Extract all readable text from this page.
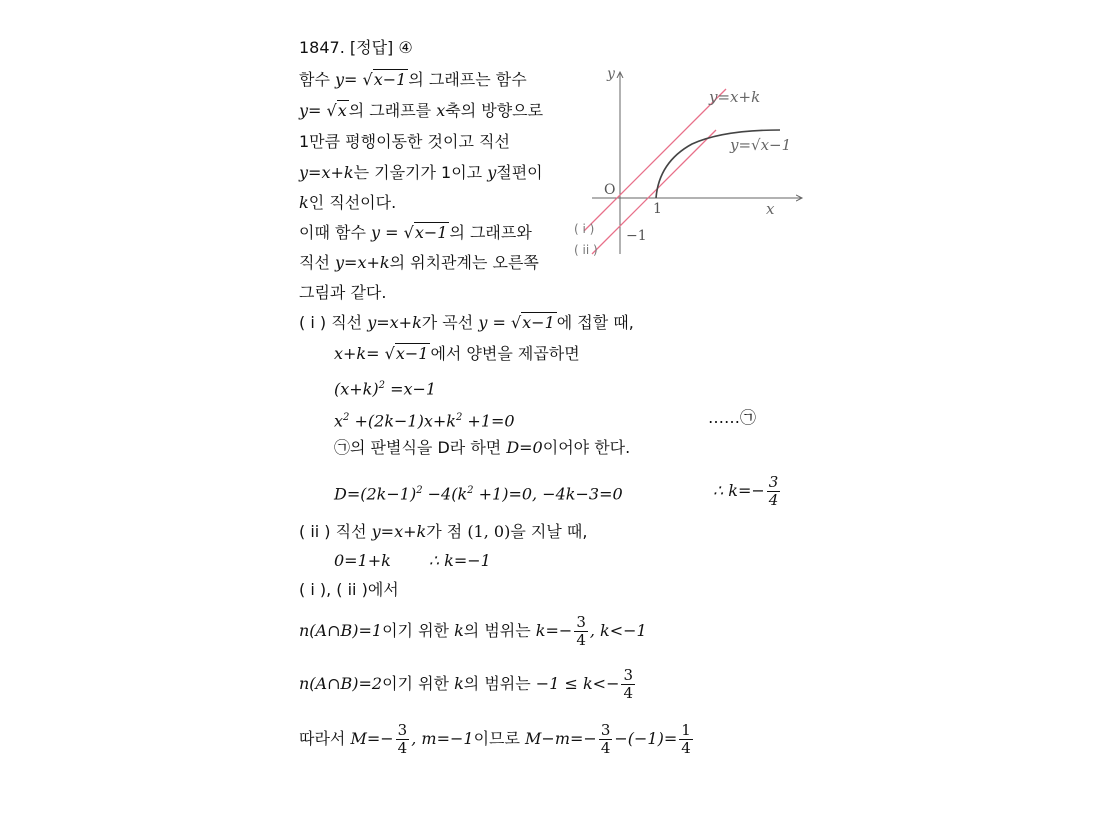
1847. [정답] ④
함수 y= √x−1 의 그래프는 함수
y= √x 의 그래프를 x축의 방향으로
1만큼 평행이동한 것이고 직선
y=x+k는 기울기가 1이고 y절편이
k인 직선이다.
이때 함수 y = √x−1 의 그래프와
직선 y=x+k의 위치관계는 오른쪽
그림과 같다.
y
x
O
1
−1
y=x+k
y=√x−1
( i )
( ii )
( i ) 직선 y=x+k가 곡선 y = √x−1 에 접할 때,
x+k= √x−1 에서 양변을 제곱하면
$(x+k)^2 =x-1$
$x^2 +(2k-1)x+k^2 +1=0$	……㉠
㉠의 판별식을 D라 하면 D=0이어야 한다.
$D=(2k-1)^2 -4(k^2 +1)=0$, −4k−3=0	∴ $k=- \frac{3}{4}$
( ii ) 직선 y=x+k가 점 (1, 0)을 지날 때,
0=1+k ∴ k=−1
( i ), ( ii )에서
n(A∩B)=1이기 위한 k의 범위는 $k=- \frac{3}{4}$ , k<−1
n(A∩B)=2이기 위한 k의 범위는 $-1 \le k<- \frac{3}{4}$
따라서 $M=- \frac{3}{4}$ , m=−1이므로 $M-m=- \frac{3}{4} -(-1)= \frac{1}{4}$
